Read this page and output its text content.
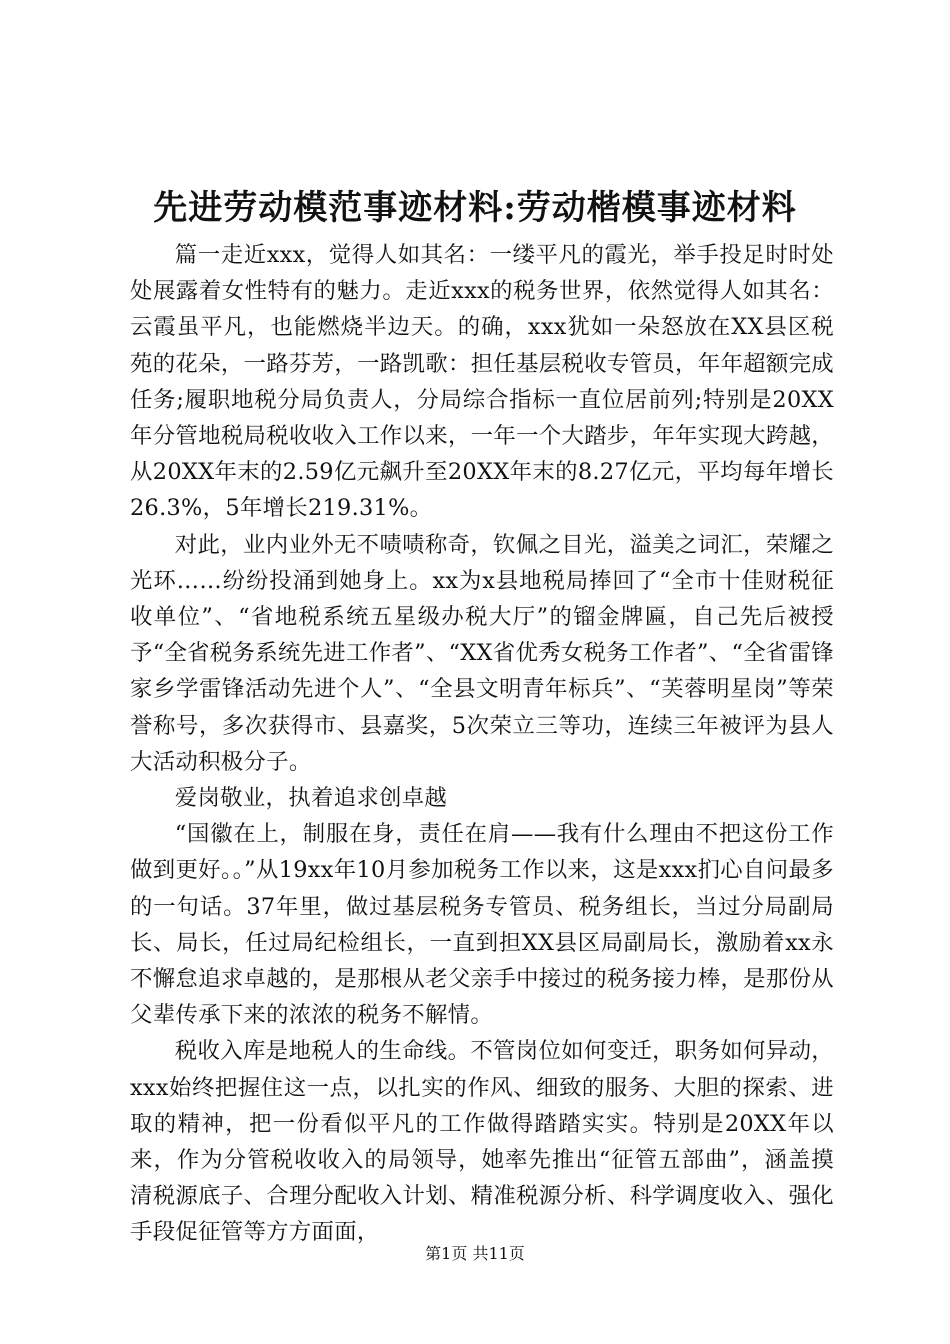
先进劳动模范事迹材料:劳动楷模事迹材料

篇一走近xxx，觉得人如其名：一缕平凡的霞光，举手投足时时处处展露着女性特有的魅力。走近xxx的税务世界，依然觉得人如其名：云霞虽平凡，也能燃烧半边天。的确，xxx犹如一朵怒放在XX县区税苑的花朵，一路芬芳，一路凯歌：担任基层税收专管员，年年超额完成任务;履职地税分局负责人，分局综合指标一直位居前列;特别是20XX年分管地税局税收收入工作以来，一年一个大踏步，年年实现大跨越，从20XX年末的2.59亿元飙升至20XX年末的8.27亿元，平均每年增长26.3%，5年增长219.31%。

对此，业内业外无不啧啧称奇，钦佩之目光，溢美之词汇，荣耀之光环……纷纷投涌到她身上。xx为x县地税局捧回了“全市十佳财税征收单位”、“省地税系统五星级办税大厅”的镏金牌匾，自己先后被授予“全省税务系统先进工作者”、“XX省优秀女税务工作者”、“全省雷锋家乡学雷锋活动先进个人”、“全县文明青年标兵”、“芙蓉明星岗”等荣誉称号，多次获得市、县嘉奖，5次荣立三等功，连续三年被评为县人大活动积极分子。

爱岗敬业，执着追求创卓越

“国徽在上，制服在身，责任在肩——我有什么理由不把这份工作做到更好。。”从19xx年10月参加税务工作以来，这是xxx扪心自问最多的一句话。37年里，做过基层税务专管员、税务组长，当过分局副局长、局长，任过局纪检组长，一直到担XX县区局副局长，激励着xx永不懈怠追求卓越的，是那根从老父亲手中接过的税务接力棒，是那份从父辈传承下来的浓浓的税务不解情。

税收入库是地税人的生命线。不管岗位如何变迁，职务如何异动，xxx始终把握住这一点，以扎实的作风、细致的服务、大胆的探索、进取的精神，把一份看似平凡的工作做得踏踏实实。特别是20XX年以来，作为分管税收收入的局领导，她率先推出“征管五部曲”，涵盖摸清税源底子、合理分配收入计划、精准税源分析、科学调度收入、强化手段促征管等方方面面，

第1页 共11页
